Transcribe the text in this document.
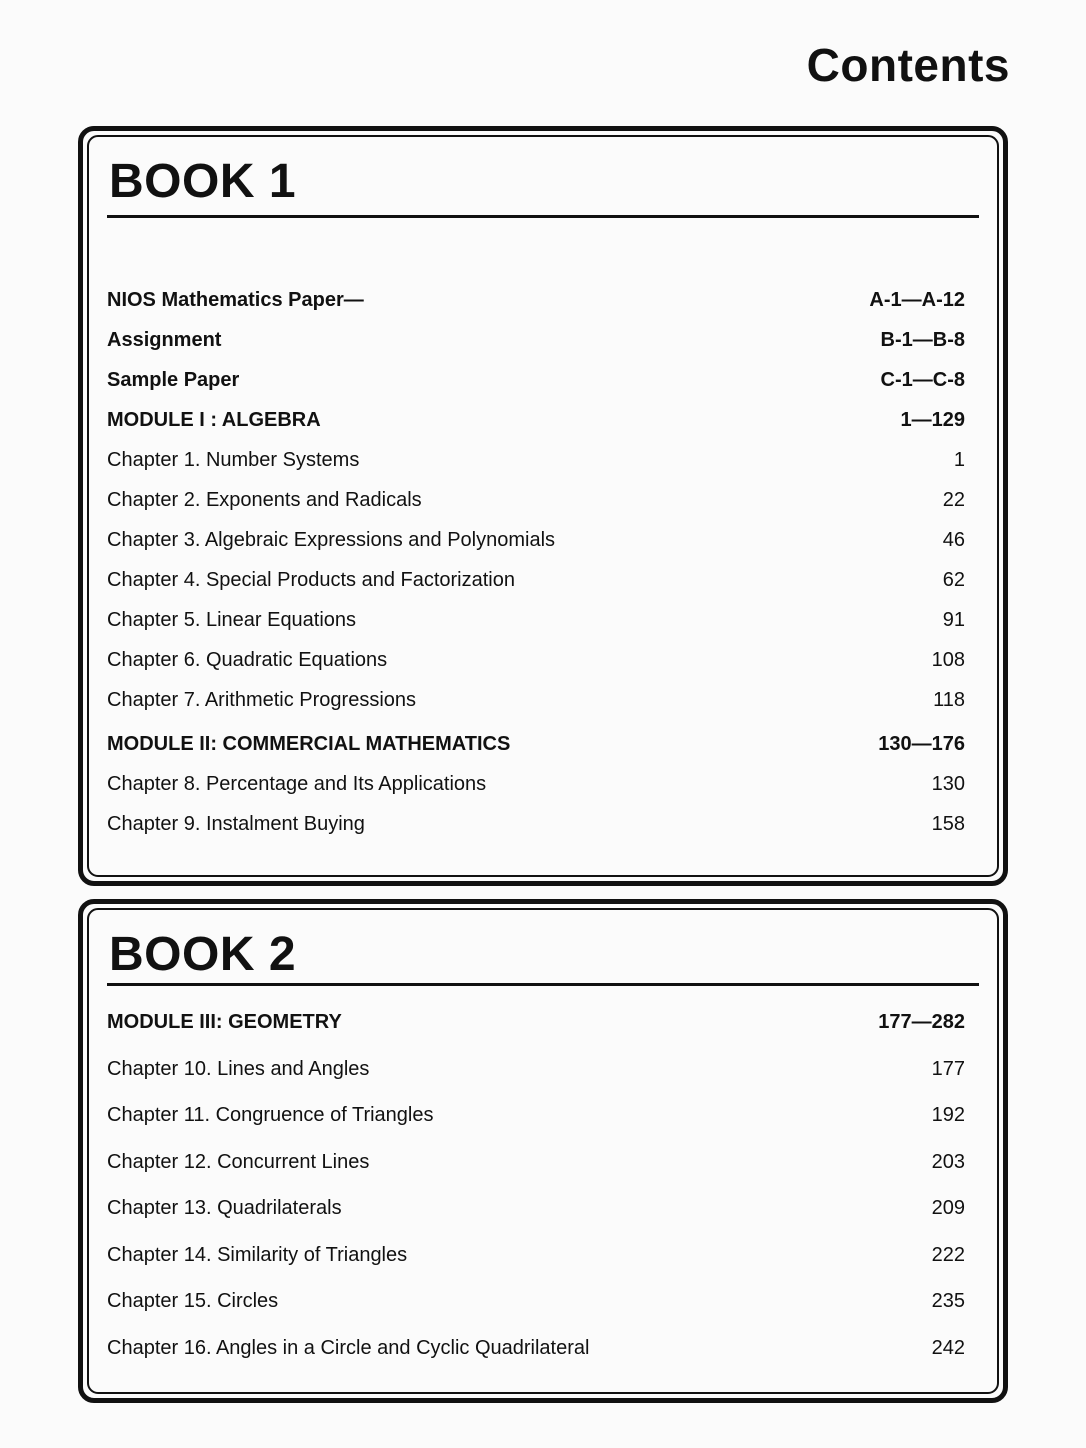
Contents
BOOK 1
NIOS Mathematics Paper—	A-1—A-12
Assignment	B-1—B-8
Sample Paper	C-1—C-8
MODULE I : ALGEBRA	1—129
Chapter 1. Number Systems	1
Chapter 2. Exponents and Radicals	22
Chapter 3. Algebraic Expressions and Polynomials	46
Chapter 4. Special Products and Factorization	62
Chapter 5. Linear Equations	91
Chapter 6. Quadratic Equations	108
Chapter 7. Arithmetic Progressions	118
MODULE II: COMMERCIAL MATHEMATICS	130—176
Chapter 8. Percentage and Its Applications	130
Chapter 9. Instalment Buying	158
BOOK 2
MODULE III: GEOMETRY	177—282
Chapter 10. Lines and Angles	177
Chapter 11. Congruence of Triangles	192
Chapter 12. Concurrent Lines	203
Chapter 13. Quadrilaterals	209
Chapter 14. Similarity of Triangles	222
Chapter 15. Circles	235
Chapter 16. Angles in a Circle and Cyclic Quadrilateral	242
